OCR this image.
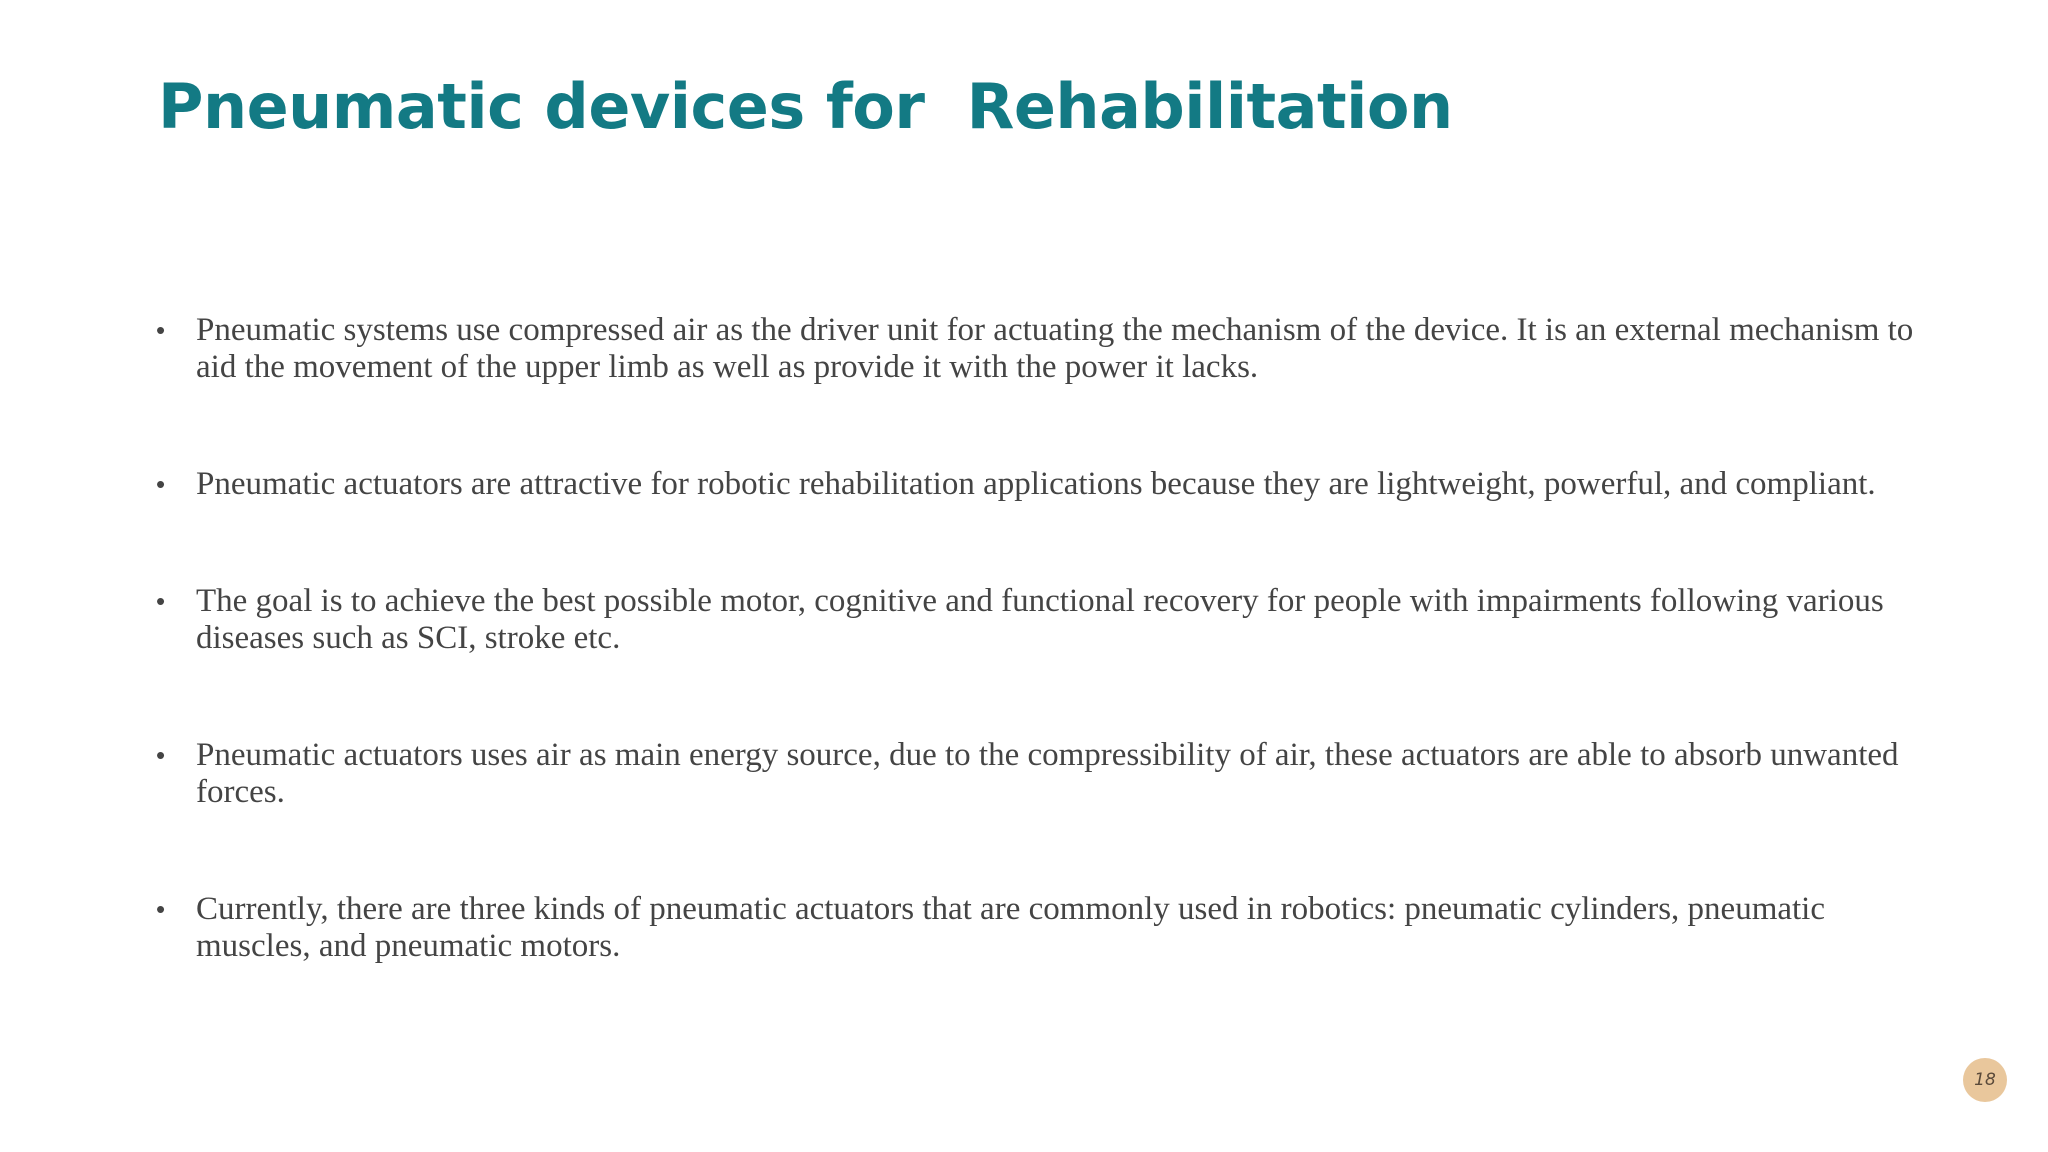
Pneumatic devices for  Rehabilitation
• Pneumatic systems use compressed air as the driver unit for actuating the mechanism of the device. It is an external mechanism to aid the movement of the upper limb as well as provide it with the power it lacks.
• Pneumatic actuators are attractive for robotic rehabilitation applications because they are lightweight, powerful, and compliant.
• The goal is to achieve the best possible motor, cognitive and functional recovery for people with impairments following various diseases such as SCI, stroke etc.
• Pneumatic actuators uses air as main energy source, due to the compressibility of air, these actuators are able to absorb unwanted forces.
• Currently, there are three kinds of pneumatic actuators that are commonly used in robotics: pneumatic cylinders, pneumatic muscles, and pneumatic motors.
18
